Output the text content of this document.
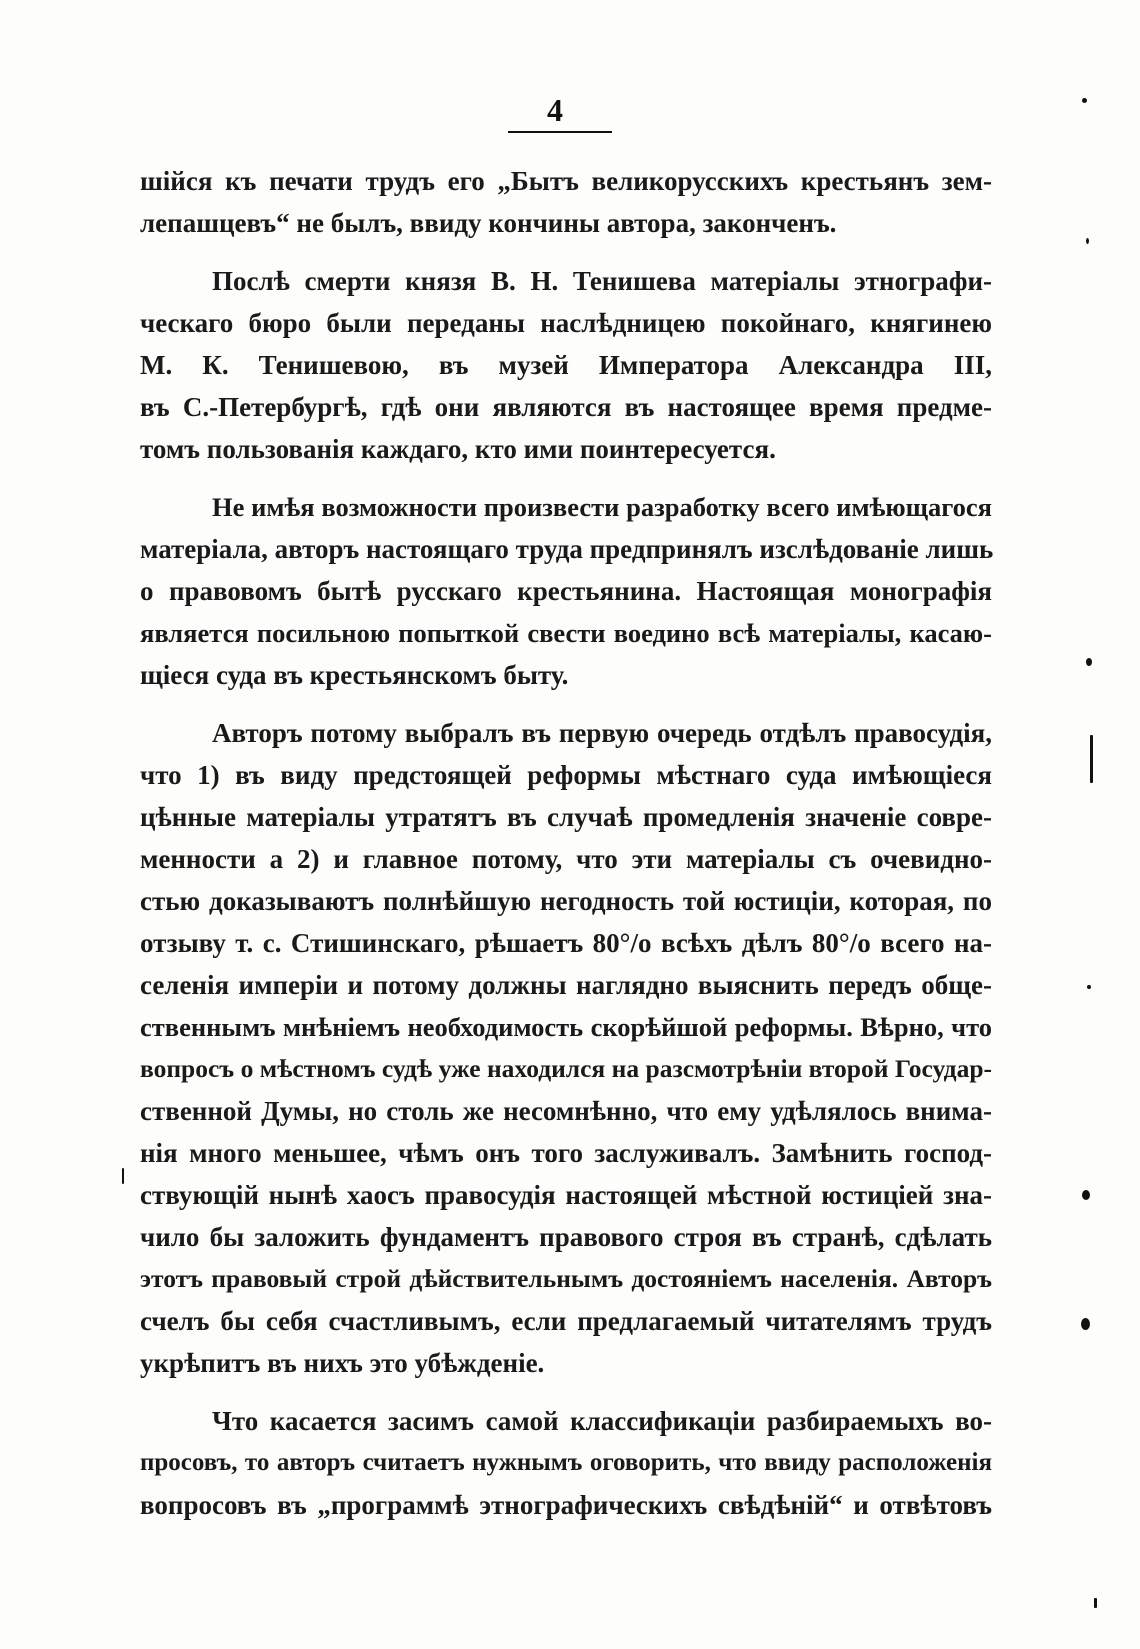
4
шійся къ печати трудъ его „Бытъ великорусскихъ крестьянъ зем-
лепашцевъ“ не былъ, ввиду кончины автора, законченъ.
Послѣ смерти князя В. Н. Тенишева матеріалы этнографи-
ческаго бюро были переданы наслѣдницею покойнаго, княгинею
М. К. Тенишевою, въ музей Императора Александра III,
въ С.-Петербургѣ, гдѣ они являются въ настоящее время предме-
томъ пользованія каждаго, кто ими поинтересуется.
Не имѣя возможности произвести разработку всего имѣющагося
матеріала, авторъ настоящаго труда предпринялъ изслѣдованіе лишь
о правовомъ бытѣ русскаго крестьянина. Настоящая монографія
является посильною попыткой свести воедино всѣ матеріалы, касаю-
щіеся суда въ крестьянскомъ быту.
Авторъ потому выбралъ въ первую очередь отдѣлъ правосудія,
что 1) въ виду предстоящей реформы мѣстнаго суда имѣющіеся
цѣнные матеріалы утратятъ въ случаѣ промедленія значеніе совре-
менности а 2) и главное потому, что эти матеріалы съ очевидно-
стью доказываютъ полнѣйшую негодность той юстиціи, которая, по
отзыву т. с. Стишинскаго, рѣшаетъ 80°/о всѣхъ дѣлъ 80°/о всего на-
селенія имперіи и потому должны наглядно выяснить передъ обще-
ственнымъ мнѣніемъ необходимость скорѣйшой реформы. Вѣрно, что
вопросъ о мѣстномъ судѣ уже находился на разсмотрѣніи второй Государ-
ственной Думы, но столь же несомнѣнно, что ему удѣлялось внима-
нія много меньшее, чѣмъ онъ того заслуживалъ. Замѣнить господ-
ствующій нынѣ хаосъ правосудія настоящей мѣстной юстиціей зна-
чило бы заложить фундаментъ правового строя въ странѣ, сдѣлать
этотъ правовый строй дѣйствительнымъ достояніемъ населенія. Авторъ
счелъ бы себя счастливымъ, если предлагаемый читателямъ трудъ
укрѣпитъ въ нихъ это убѣжденіе.
Что касается засимъ самой классификаціи разбираемыхъ во-
просовъ, то авторъ считаетъ нужнымъ оговорить, что ввиду расположенія
вопросовъ въ „программѣ этнографическихъ свѣдѣній“ и отвѣтовъ
